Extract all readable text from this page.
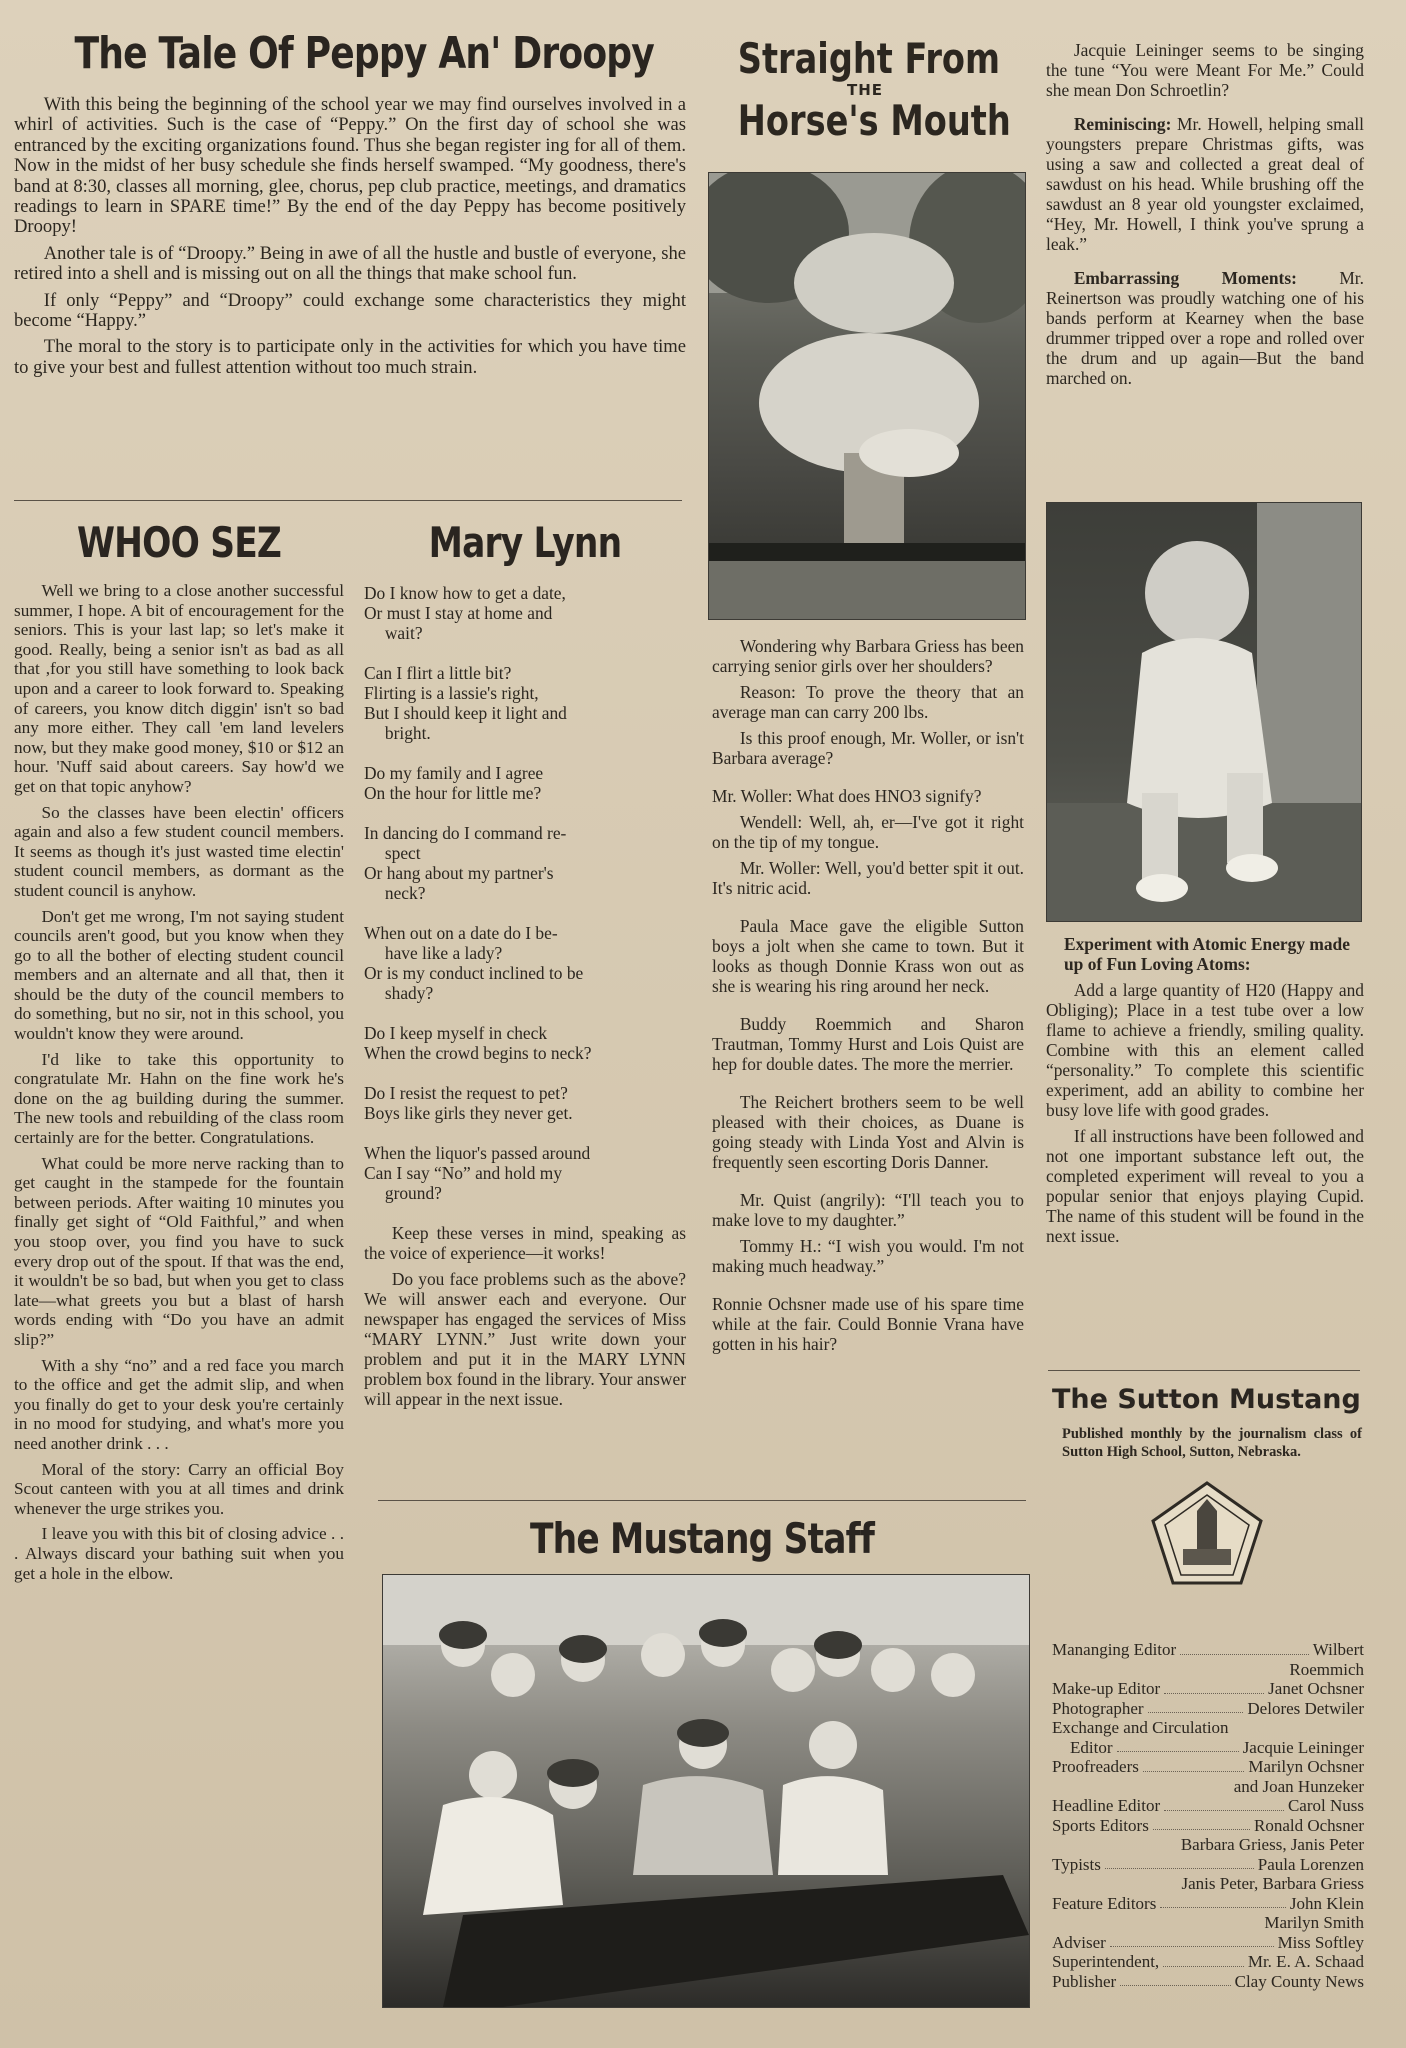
The Tale Of Peppy An' Droopy

With this being the beginning of the school year we may find ourselves involved in a whirl of activities. Such is the case of “Peppy.” On the first day of school she was entranced by the exciting organizations found. Thus she began register ing for all of them. Now in the midst of her busy schedule she finds herself swamped. “My goodness, there's band at 8:30, classes all morning, glee, chorus, pep club practice, meetings, and dramatics readings to learn in SPARE time!” By the end of the day Peppy has become positively Droopy!

Another tale is of “Droopy.” Being in awe of all the hustle and bustle of everyone, she retired into a shell and is missing out on all the things that make school fun.

If only “Peppy” and “Droopy” could exchange some characteristics they might become “Happy.”

The moral to the story is to participate only in the activities for which you have time to give your best and fullest attention without too much strain.

WHOO SEZ

Well we bring to a close another successful summer, I hope. A bit of encouragement for the seniors. This is your last lap; so let's make it good. Really, being a senior isn't as bad as all that ,for you still have something to look back upon and a career to look forward to. Speaking of careers, you know ditch diggin' isn't so bad any more either. They call 'em land levelers now, but they make good money, $10 or $12 an hour. 'Nuff said about careers. Say how'd we get on that topic anyhow?

So the classes have been electin' officers again and also a few student council members. It seems as though it's just wasted time electin' student council members, as dormant as the student council is anyhow.

Don't get me wrong, I'm not saying student councils aren't good, but you know when they go to all the bother of electing student council members and an alternate and all that, then it should be the duty of the council members to do something, but no sir, not in this school, you wouldn't know they were around.

I'd like to take this opportunity to congratulate Mr. Hahn on the fine work he's done on the ag building during the summer. The new tools and rebuilding of the class room certainly are for the better. Congratulations.

What could be more nerve racking than to get caught in the stampede for the fountain between periods. After waiting 10 minutes you finally get sight of “Old Faithful,” and when you stoop over, you find you have to suck every drop out of the spout. If that was the end, it wouldn't be so bad, but when you get to class late—what greets you but a blast of harsh words ending with “Do you have an admit slip?”

With a shy “no” and a red face you march to the office and get the admit slip, and when you finally do get to your desk you're certainly in no mood for studying, and what's more you need another drink . . .

Moral of the story: Carry an official Boy Scout canteen with you at all times and drink whenever the urge strikes you.

I leave you with this bit of closing advice . . . Always discard your bathing suit when you get a hole in the elbow.

Mary Lynn

Do I know how to get a date,
Or must I stay at home and
wait?

Can I flirt a little bit?
Flirting is a lassie's right,
But I should keep it light and
bright.

Do my family and I agree
On the hour for little me?

In dancing do I command re-
spect
Or hang about my partner's
neck?

When out on a date do I be-
have like a lady?
Or is my conduct inclined to be
shady?

Do I keep myself in check
When the crowd begins to neck?

Do I resist the request to pet?
Boys like girls they never get.

When the liquor's passed around
Can I say “No” and hold my
ground?

Keep these verses in mind, speaking as the voice of experience—it works!

Do you face problems such as the above? We will answer each and everyone. Our newspaper has engaged the services of Miss “MARY LYNN.” Just write down your problem and put it in the MARY LYNN problem box found in the library. Your answer will appear in the next issue.

Straight From
THE
Horse's Mouth

Wondering why Barbara Griess has been carrying senior girls over her shoulders?

Reason: To prove the theory that an average man can carry 200 lbs.

Is this proof enough, Mr. Woller, or isn't Barbara average?

Mr. Woller: What does HNO3 signify?

Wendell: Well, ah, er—I've got it right on the tip of my tongue.

Mr. Woller: Well, you'd better spit it out. It's nitric acid.

Paula Mace gave the eligible Sutton boys a jolt when she came to town. But it looks as though Donnie Krass won out as she is wearing his ring around her neck.

Buddy Roemmich and Sharon Trautman, Tommy Hurst and Lois Quist are hep for double dates. The more the merrier.

The Reichert brothers seem to be well pleased with their choices, as Duane is going steady with Linda Yost and Alvin is frequently seen escorting Doris Danner.

Mr. Quist (angrily): “I'll teach you to make love to my daughter.”

Tommy H.: “I wish you would. I'm not making much headway.”

Ronnie Ochsner made use of his spare time while at the fair. Could Bonnie Vrana have gotten in his hair?

Jacquie Leininger seems to be singing the tune “You were Meant For Me.” Could she mean Don Schroetlin?

Reminiscing: Mr. Howell, helping small youngsters prepare Christmas gifts, was using a saw and collected a great deal of sawdust on his head. While brushing off the sawdust an 8 year old youngster exclaimed, “Hey, Mr. Howell, I think you've sprung a leak.”

Embarrassing Moments: Mr. Reinertson was proudly watching one of his bands perform at Kearney when the base drummer tripped over a rope and rolled over the drum and up again—But the band marched on.

Experiment with Atomic Energy made up of Fun Loving Atoms:

Add a large quantity of H20 (Happy and Obliging); Place in a test tube over a low flame to achieve a friendly, smiling quality. Combine with this an element called “personality.” To complete this scientific experiment, add an ability to combine her busy love life with good grades.

If all instructions have been followed and not one important substance left out, the completed experiment will reveal to you a popular senior that enjoys playing Cupid. The name of this student will be found in the next issue.

The Sutton Mustang
Published monthly by the journalism class of Sutton High School, Sutton, Nebraska.
Mananging Editor	Wilbert
Roemmich
Make-up Editor	Janet Ochsner
Photographer	Delores Detwiler
Exchange and Circulation
Editor	Jacquie Leininger
Proofreaders	Marilyn Ochsner
and Joan Hunzeker
Headline Editor	Carol Nuss
Sports Editors	Ronald Ochsner
Barbara Griess, Janis Peter
Typists	Paula Lorenzen
Janis Peter, Barbara Griess
Feature Editors	John Klein
Marilyn Smith
Adviser	Miss Softley
Superintendent,	Mr. E. A. Schaad
Publisher	Clay County News
The Mustang Staff
